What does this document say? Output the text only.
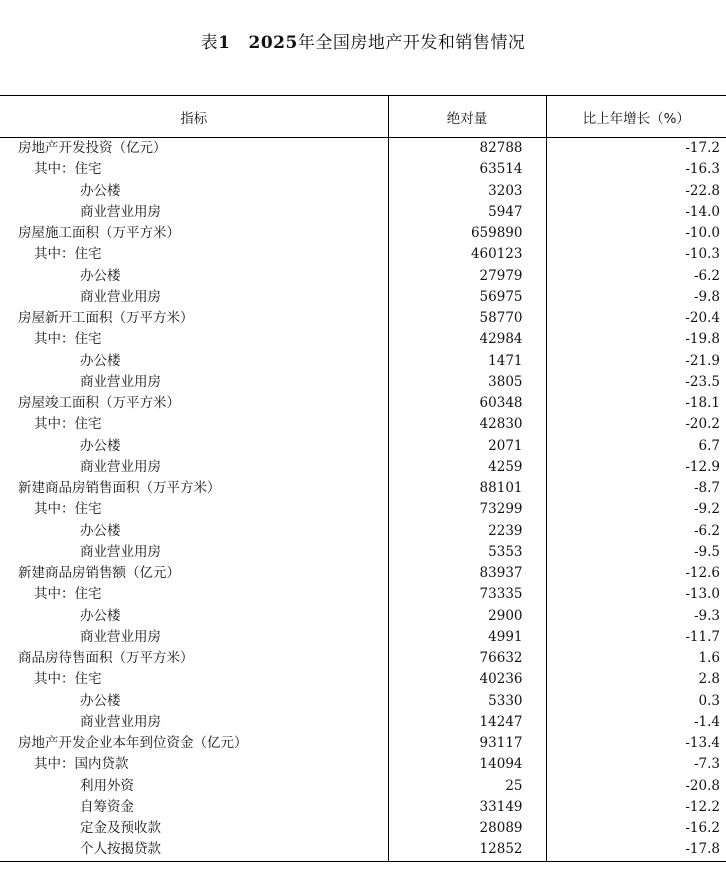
表1 2025年全国房地产开发和销售情况
指标	绝对量	比上年增长（%）
房地产开发投资（亿元）	82788	-17.2
其中：住宅	63514	-16.3
办公楼	3203	-22.8
商业营业用房	5947	-14.0
房屋施工面积（万平方米）	659890	-10.0
其中：住宅	460123	-10.3
办公楼	27979	-6.2
商业营业用房	56975	-9.8
房屋新开工面积（万平方米）	58770	-20.4
其中：住宅	42984	-19.8
办公楼	1471	-21.9
商业营业用房	3805	-23.5
房屋竣工面积（万平方米）	60348	-18.1
其中：住宅	42830	-20.2
办公楼	2071	6.7
商业营业用房	4259	-12.9
新建商品房销售面积（万平方米）	88101	-8.7
其中：住宅	73299	-9.2
办公楼	2239	-6.2
商业营业用房	5353	-9.5
新建商品房销售额（亿元）	83937	-12.6
其中：住宅	73335	-13.0
办公楼	2900	-9.3
商业营业用房	4991	-11.7
商品房待售面积（万平方米）	76632	1.6
其中：住宅	40236	2.8
办公楼	5330	0.3
商业营业用房	14247	-1.4
房地产开发企业本年到位资金（亿元）	93117	-13.4
其中：国内贷款	14094	-7.3
利用外资	25	-20.8
自筹资金	33149	-12.2
定金及预收款	28089	-16.2
个人按揭贷款	12852	-17.8
